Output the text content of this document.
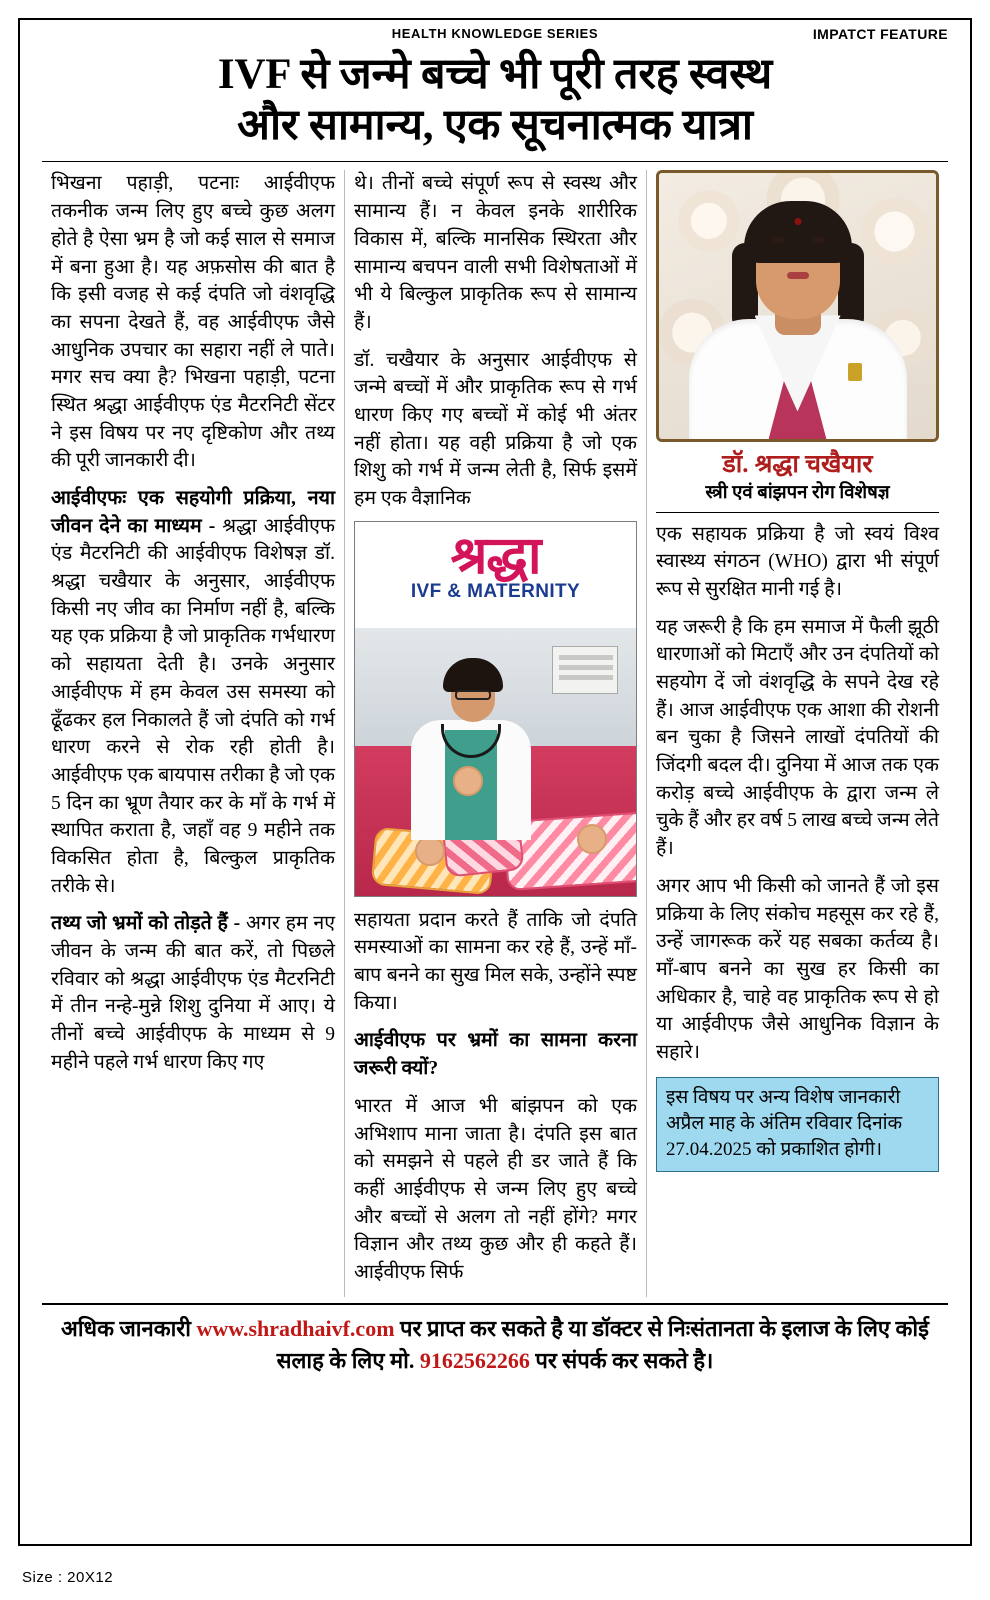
HEALTH KNOWLEDGE SERIES	IMPATCT FEATURE
IVF से जन्मे बच्चे भी पूरी तरह स्वस्थ
और सामान्य, एक सूचनात्मक यात्रा

भिखना पहाड़ी, पटनाः आईवीएफ तकनीक जन्म लिए हुए बच्चे कुछ अलग होते है ऐसा भ्रम है जो कई साल से समाज में बना हुआ है। यह अफ़सोस की बात है कि इसी वजह से कई दंपति जो वंशवृद्धि का सपना देखते हैं, वह आईवीएफ जैसे आधुनिक उपचार का सहारा नहीं ले पाते। मगर सच क्या है? भिखना पहाड़ी, पटना स्थित श्रद्धा आईवीएफ एंड मैटरनिटी सेंटर ने इस विषय पर नए दृष्टिकोण और तथ्य की पूरी जानकारी दी।

आईवीएफः एक सहयोगी प्रक्रिया, नया जीवन देने का माध्यम - श्रद्धा आईवीएफ एंड मैटरनिटी की आईवीएफ विशेषज्ञ डॉ. श्रद्धा चखैयार के अनुसार, आईवीएफ किसी नए जीव का निर्माण नहीं है, बल्कि यह एक प्रक्रिया है जो प्राकृतिक गर्भधारण को सहायता देती है। उनके अनुसार आईवीएफ में हम केवल उस समस्या को ढूँढकर हल निकालते हैं जो दंपति को गर्भ धारण करने से रोक रही होती है। आईवीएफ एक बायपास तरीका है जो एक 5 दिन का भ्रूण तैयार कर के माँ के गर्भ में स्थापित कराता है, जहाँ वह 9 महीने तक विकसित होता है, बिल्कुल प्राकृतिक तरीके से।

तथ्य जो भ्रमों को तोड़ते हैं - अगर हम नए जीवन के जन्म की बात करें, तो पिछले रविवार को श्रद्धा आईवीएफ एंड मैटरनिटी में तीन नन्हे-मुन्ने शिशु दुनिया में आए। ये तीनों बच्चे आईवीएफ के माध्यम से 9 महीने पहले गर्भ धारण किए गए

थे। तीनों बच्चे संपूर्ण रूप से स्वस्थ और सामान्य हैं। न केवल इनके शारीरिक विकास में, बल्कि मानसिक स्थिरता और सामान्य बचपन वाली सभी विशेषताओं में भी ये बिल्कुल प्राकृतिक रूप से सामान्य हैं।

डॉ. चखैयार के अनुसार आईवीएफ से जन्मे बच्चों में और प्राकृतिक रूप से गर्भ धारण किए गए बच्चों में कोई भी अंतर नहीं होता। यह वही प्रक्रिया है जो एक शिशु को गर्भ में जन्म लेती है, सिर्फ इसमें हम एक वैज्ञानिक

श्रद्धा
IVF & MATERNITY

सहायता प्रदान करते हैं ताकि जो दंपति समस्याओं का सामना कर रहे हैं, उन्हें माँ-बाप बनने का सुख मिल सके, उन्होंने स्पष्ट किया।

आईवीएफ पर भ्रमों का सामना करना जरूरी क्यों?

भारत में आज भी बांझपन को एक अभिशाप माना जाता है। दंपति इस बात को समझने से पहले ही डर जाते हैं कि कहीं आईवीएफ से जन्म लिए हुए बच्चे और बच्चों से अलग तो नहीं होंगे? मगर विज्ञान और तथ्य कुछ और ही कहते हैं। आईवीएफ सिर्फ

डॉ. श्रद्धा चखैयार
स्त्री एवं बांझपन रोग विशेषज्ञ

एक सहायक प्रक्रिया है जो स्वयं विश्व स्वास्थ्य संगठन (WHO) द्वारा भी संपूर्ण रूप से सुरक्षित मानी गई है।

यह जरूरी है कि हम समाज में फैली झूठी धारणाओं को मिटाएँ और उन दंपतियों को सहयोग दें जो वंशवृद्धि के सपने देख रहे हैं। आज आईवीएफ एक आशा की रोशनी बन चुका है जिसने लाखों दंपतियों की जिंदगी बदल दी। दुनिया में आज तक एक करोड़ बच्चे आईवीएफ के द्वारा जन्म ले चुके हैं और हर वर्ष 5 लाख बच्चे जन्म लेते हैं।

अगर आप भी किसी को जानते हैं जो इस प्रक्रिया के लिए संकोच महसूस कर रहे हैं, उन्हें जागरूक करें यह सबका कर्तव्य है। माँ-बाप बनने का सुख हर किसी का अधिकार है, चाहे वह प्राकृतिक रूप से हो या आईवीएफ जैसे आधुनिक विज्ञान के सहारे।

इस विषय पर अन्य विशेष जानकारी अप्रैल माह के अंतिम रविवार दिनांक 27.04.2025 को प्रकाशित होगी।

अधिक जानकारी www.shradhaivf.com पर प्राप्त कर सकते है या डॉक्टर से निःसंतानता के इलाज के लिए कोई सलाह के लिए मो. 9162562266 पर संपर्क कर सकते है।
Size : 20X12
